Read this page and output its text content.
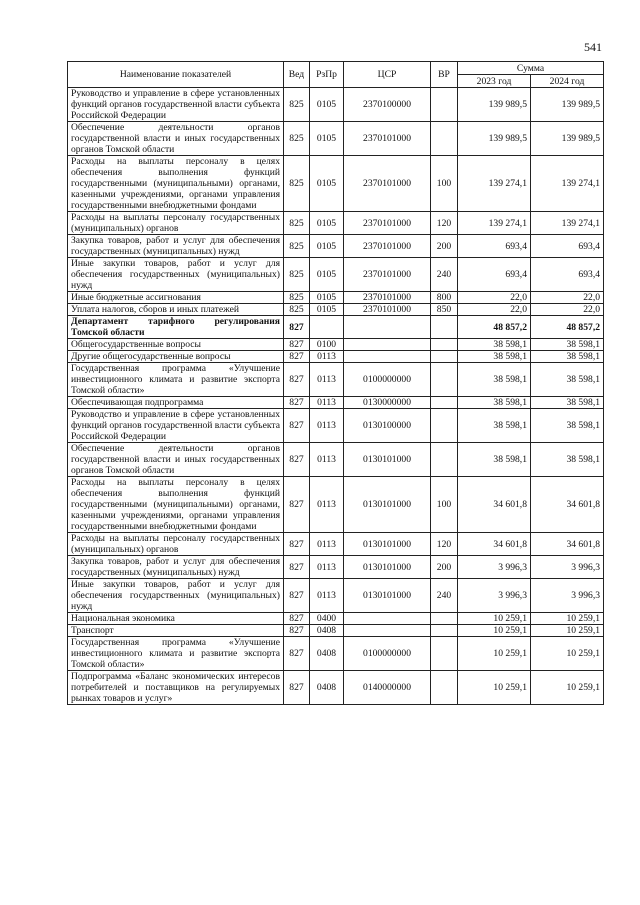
541
Наименование показателей	Вед	РзПр	ЦСР	ВР	Сумма	
					2023 год	2024 год
Руководство и управление в сфере установленных функций органов государственной власти субъекта Российской Федерации	825	0105	2370100000		139 989,5	139 989,5
Обеспечение деятельности органов государственной власти и иных государственных органов Томской области	825	0105	2370101000		139 989,5	139 989,5
Расходы на выплаты персоналу в целях обеспечения выполнения функций государственными (муниципальными) органами, казенными учреждениями, органами управления государственными внебюджетными фондами	825	0105	2370101000	100	139 274,1	139 274,1
Расходы на выплаты персоналу государственных (муниципальных) органов	825	0105	2370101000	120	139 274,1	139 274,1
Закупка товаров, работ и услуг для обеспечения государственных (муниципальных) нужд	825	0105	2370101000	200	693,4	693,4
Иные закупки товаров, работ и услуг для обеспечения государственных (муниципальных) нужд	825	0105	2370101000	240	693,4	693,4
Иные бюджетные ассигнования	825	0105	2370101000	800	22,0	22,0
Уплата налогов, сборов и иных платежей	825	0105	2370101000	850	22,0	22,0
Департамент тарифного регулирования Томской области	827				48 857,2	48 857,2
Общегосударственные вопросы	827	0100			38 598,1	38 598,1
Другие общегосударственные вопросы	827	0113			38 598,1	38 598,1
Государственная программа «Улучшение инвестиционного климата и развитие экспорта Томской области»	827	0113	0100000000		38 598,1	38 598,1
Обеспечивающая подпрограмма	827	0113	0130000000		38 598,1	38 598,1
Руководство и управление в сфере установленных функций органов государственной власти субъекта Российской Федерации	827	0113	0130100000		38 598,1	38 598,1
Обеспечение деятельности органов государственной власти и иных государственных органов Томской области	827	0113	0130101000		38 598,1	38 598,1
Расходы на выплаты персоналу в целях обеспечения выполнения функций государственными (муниципальными) органами, казенными учреждениями, органами управления государственными внебюджетными фондами	827	0113	0130101000	100	34 601,8	34 601,8
Расходы на выплаты персоналу государственных (муниципальных) органов	827	0113	0130101000	120	34 601,8	34 601,8
Закупка товаров, работ и услуг для обеспечения государственных (муниципальных) нужд	827	0113	0130101000	200	3 996,3	3 996,3
Иные закупки товаров, работ и услуг для обеспечения государственных (муниципальных) нужд	827	0113	0130101000	240	3 996,3	3 996,3
Национальная экономика	827	0400			10 259,1	10 259,1
Транспорт	827	0408			10 259,1	10 259,1
Государственная программа «Улучшение инвестиционного климата и развитие экспорта Томской области»	827	0408	0100000000		10 259,1	10 259,1
Подпрограмма «Баланс экономических интересов потребителей и поставщиков на регулируемых рынках товаров и услуг»	827	0408	0140000000		10 259,1	10 259,1
